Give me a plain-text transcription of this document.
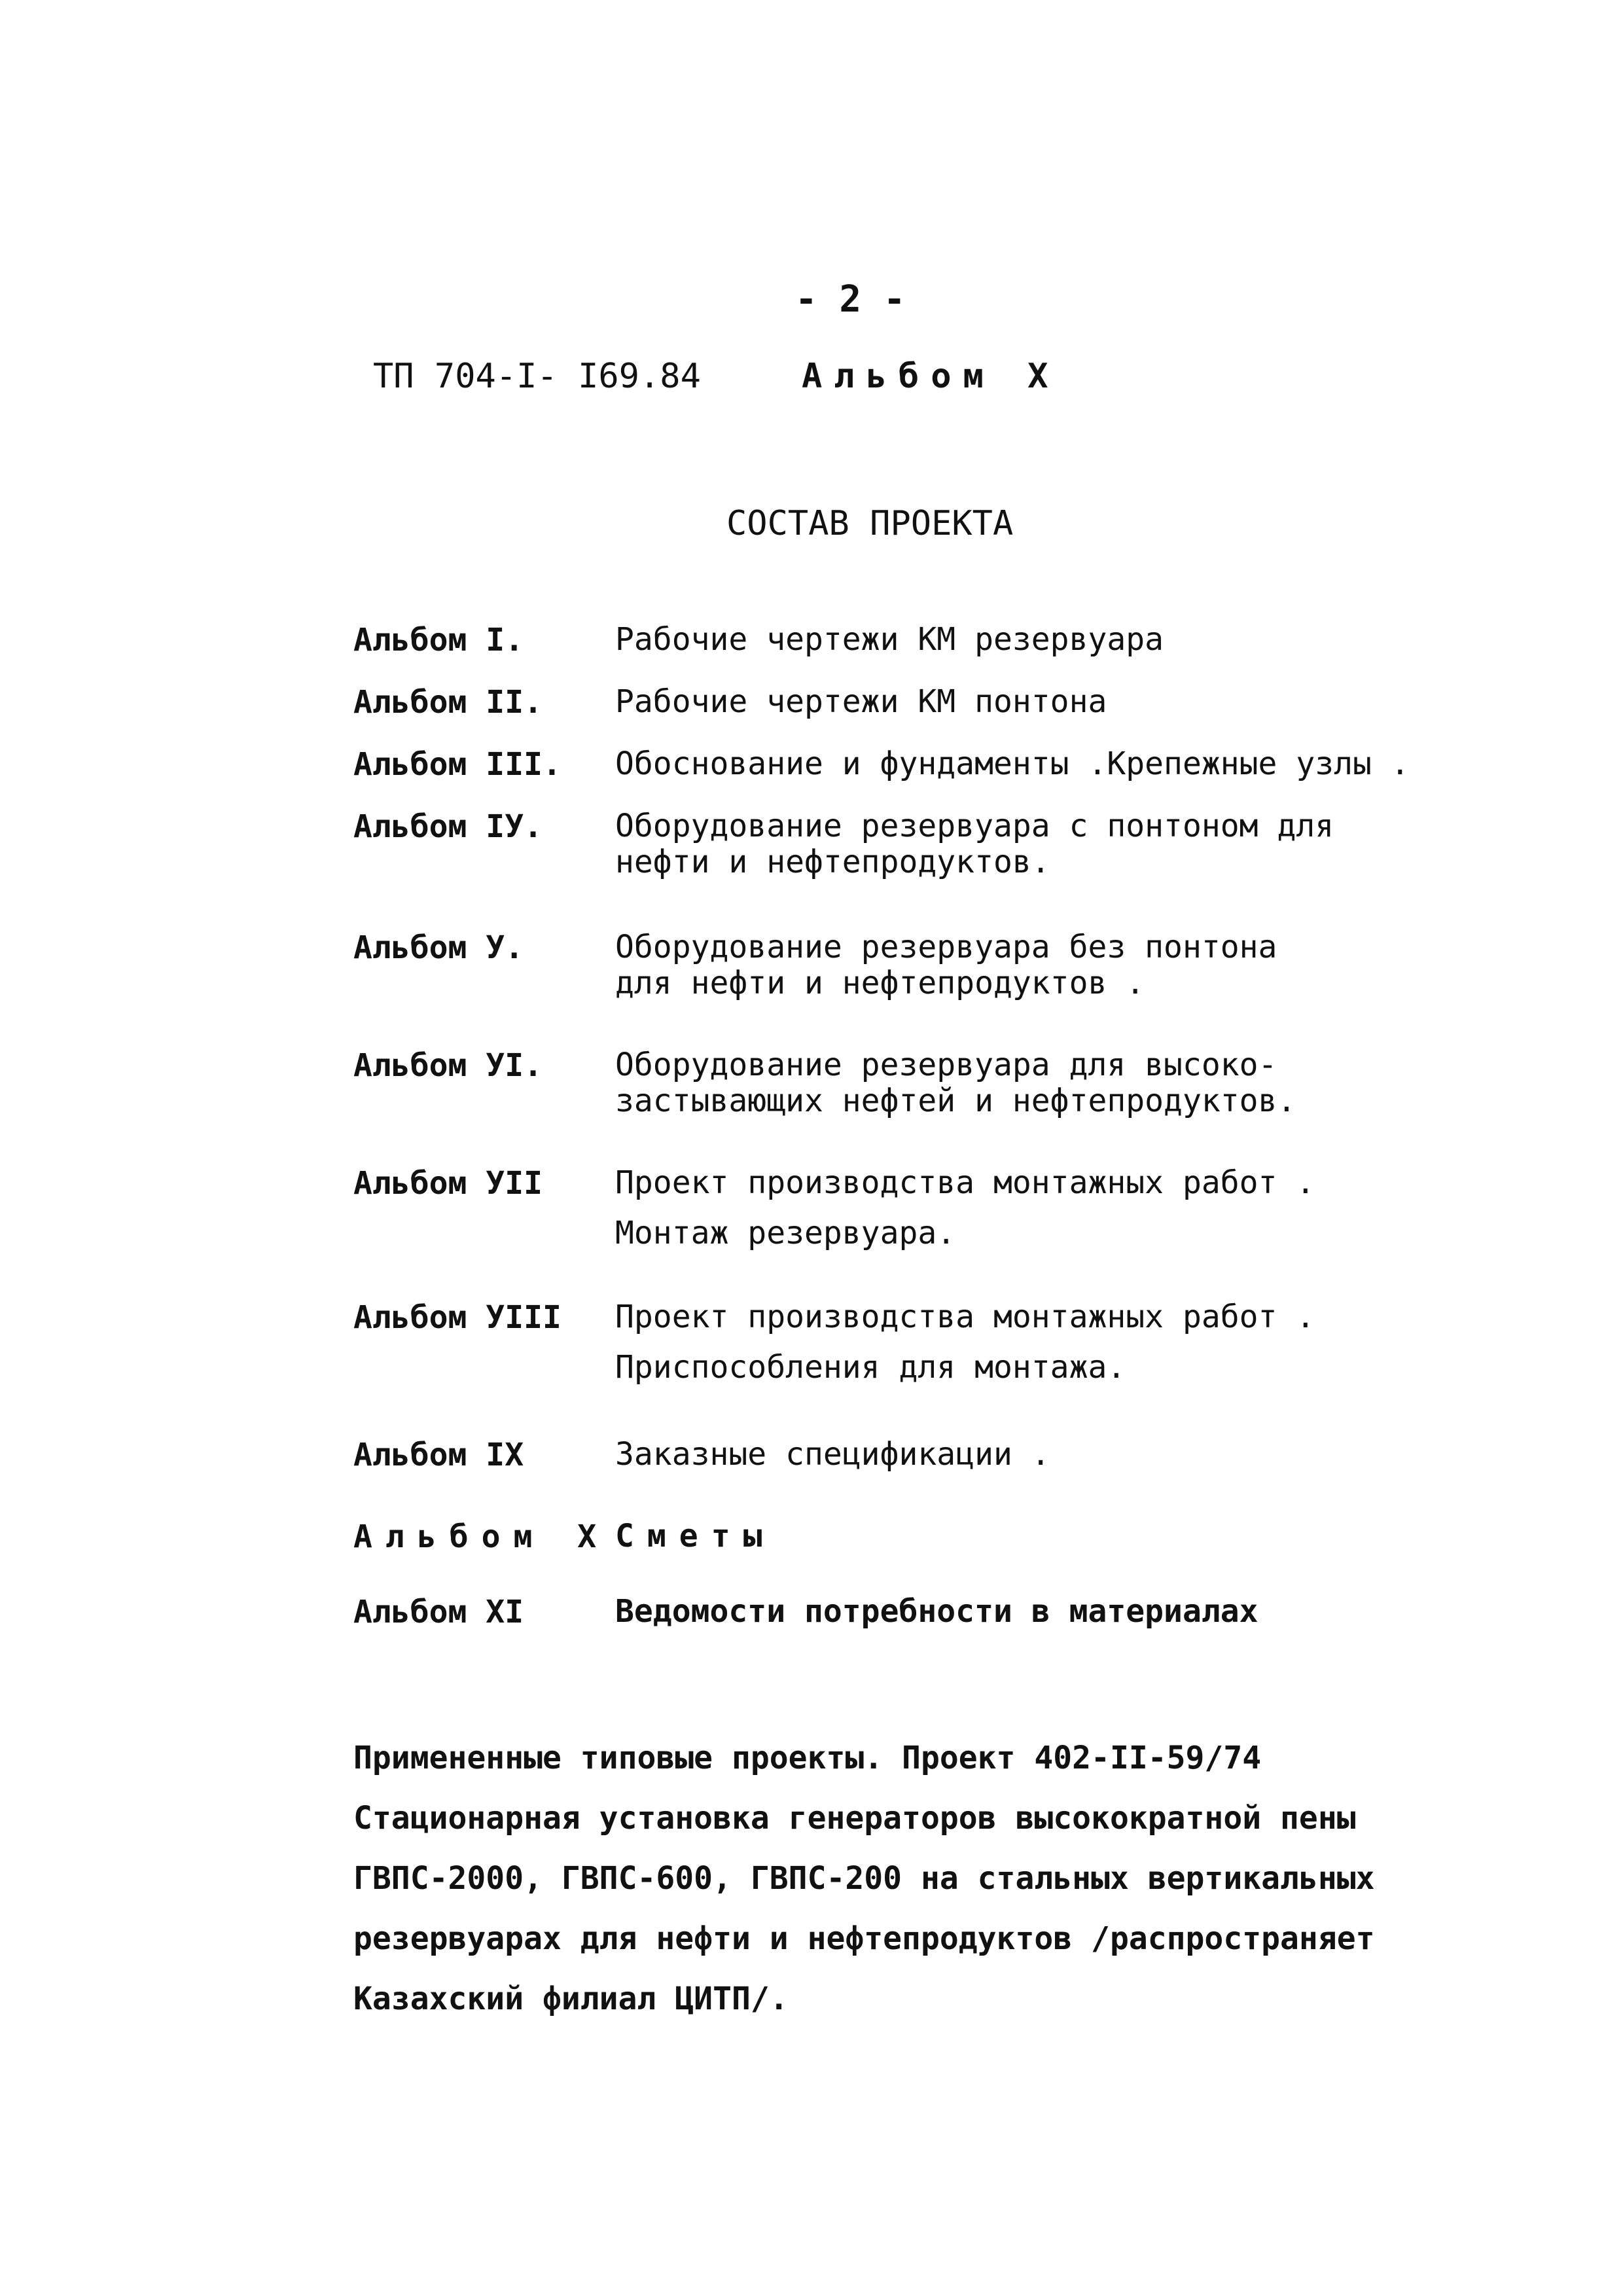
- 2 -
ТП 704-I- I69.84	Альбом Х
СОСТАВ ПРОЕКТА
Альбом I.	Рабочие чертежи КМ резервуара
Альбом II. Рабочие чертежи КМ понтона
Альбом III. Обоснование и фундаменты .Крепежные узлы .
Альбом IУ. Оборудование резервуара с понтоном для
нефти и нефтепродуктов.
Альбом У.	Оборудование резервуара без понтона
для нефти и нефтепродуктов .
Альбом УI. Оборудование резервуара для высоко-
застывающих нефтей и нефтепродуктов.
Альбом УII Проект производства монтажных работ .
Монтаж резервуара.
Альбом УIII Проект производства монтажных работ .
Приспособления для монтажа.
Альбом IX	Заказные спецификации .
Альбом Х Сметы
Альбом ХI	Ведомости потребности в материалах
Примененные типовые проекты. Проект 402-II-59/74
Стационарная установка генераторов высокократной пены
ГВПС-2000, ГВПС-600, ГВПС-200 на стальных вертикальных
резервуарах для нефти и нефтепродуктов /распространяет
Казахский филиал ЦИТП/.
